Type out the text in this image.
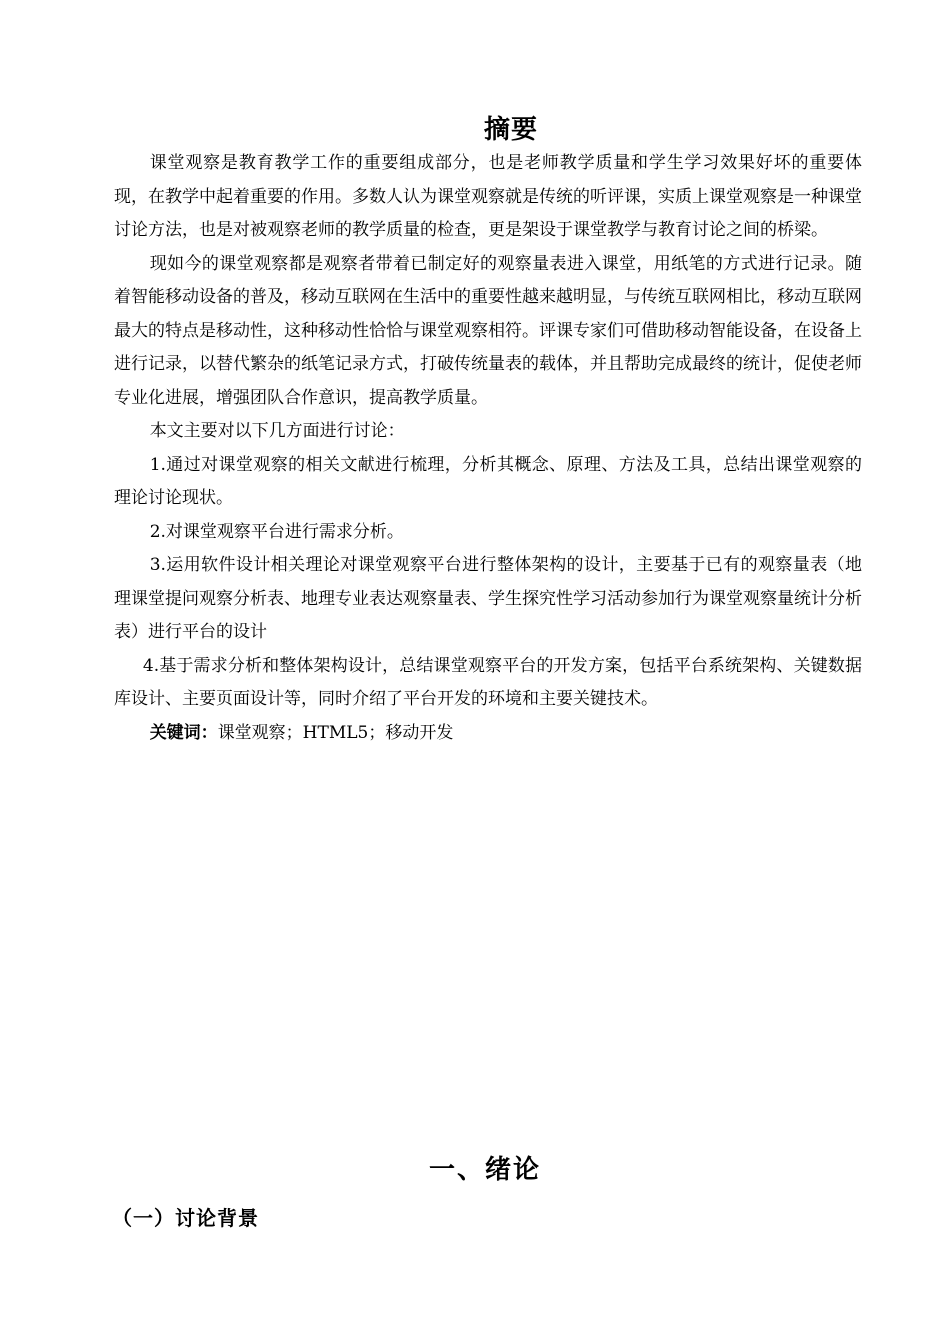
摘要

课堂观察是教育教学工作的重要组成部分，也是老师教学质量和学生学习效果好坏的重要体现，在教学中起着重要的作用。多数人认为课堂观察就是传统的听评课，实质上课堂观察是一种课堂讨论方法，也是对被观察老师的教学质量的检查，更是架设于课堂教学与教育讨论之间的桥梁。

现如今的课堂观察都是观察者带着已制定好的观察量表进入课堂，用纸笔的方式进行记录。随着智能移动设备的普及，移动互联网在生活中的重要性越来越明显，与传统互联网相比，移动互联网最大的特点是移动性，这种移动性恰恰与课堂观察相符。评课专家们可借助移动智能设备，在设备上进行记录，以替代繁杂的纸笔记录方式，打破传统量表的载体，并且帮助完成最终的统计，促使老师专业化进展，增强团队合作意识，提高教学质量。

本文主要对以下几方面进行讨论：

1.通过对课堂观察的相关文献进行梳理，分析其概念、原理、方法及工具，总结出课堂观察的理论讨论现状。

2.对课堂观察平台进行需求分析。

3.运用软件设计相关理论对课堂观察平台进行整体架构的设计，主要基于已有的观察量表（地理课堂提问观察分析表、地理专业表达观察量表、学生探究性学习活动参加行为课堂观察量统计分析表）进行平台的设计

4.基于需求分析和整体架构设计，总结课堂观察平台的开发方案，包括平台系统架构、关键数据库设计、主要页面设计等，同时介绍了平台开发的环境和主要关键技术。

关键词：课堂观察；HTML5；移动开发

一、绪论
（一）讨论背景
